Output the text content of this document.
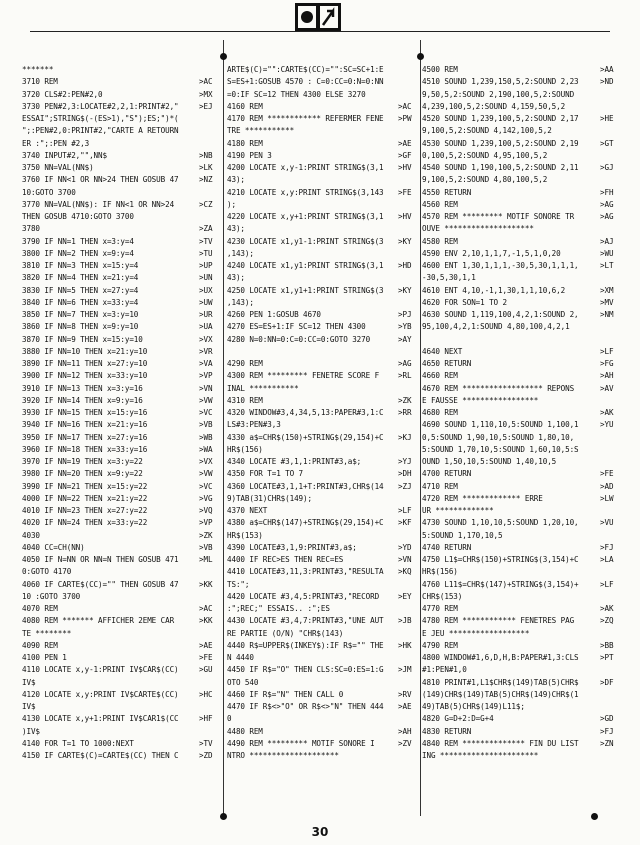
*******
3710 REM	>AC
3720 CLS#2:PEN#2,0	>MX
3730 PEN#2,3:LOCATE#2,2,1:PRINT#2,"	>EJ
ESSAI";STRING$(-(ES>1),"S");ES;")*(
";:PEN#2,0:PRINT#2,"CARTE A RETOURN
ER :";:PEN #2,3
3740 INPUT#2,"",NN$	>NB
3750 NN=VAL(NN$)	>LK
3760 IF NN<1 OR NN>24 THEN GOSUB 47	>NZ
10:GOTO 3700
3770 NN=VAL(NN$): IF NN<1 OR NN>24	>CZ
THEN GOSUB 4710:GOTO 3700
3780	>ZA
3790 IF NN=1 THEN x=3:y=4	>TV
3800 IF NN=2 THEN x=9:y=4	>TU
3810 IF NN=3 THEN x=15:y=4	>UP
3820 IF NN=4 THEN x=21:y=4	>UN
3830 IF NN=5 THEN x=27:y=4	>UX
3840 IF NN=6 THEN x=33:y=4	>UW
3850 IF NN=7 THEN x=3:y=10	>UR
3860 IF NN=8 THEN x=9:y=10	>UA
3870 IF NN=9 THEN x=15:y=10	>VX
3880 IF NN=10 THEN x=21:y=10	>VR
3890 IF NN=11 THEN x=27:y=10	>VA
3900 IF NN=12 THEN x=33:y=10	>VP
3910 IF NN=13 THEN x=3:y=16	>VN
3920 IF NN=14 THEN x=9:y=16	>VW
3930 IF NN=15 THEN x=15:y=16	>VC
3940 IF NN=16 THEN x=21:y=16	>VB
3950 IF NN=17 THEN x=27:y=16	>WB
3960 IF NN=18 THEN x=33:y=16	>WA
3970 IF NN=19 THEN x=3:y=22	>VX
3980 IF NN=20 THEN x=9:y=22	>VW
3990 IF NN=21 THEN x=15:y=22	>VC
4000 IF NN=22 THEN x=21:y=22	>VG
4010 IF NN=23 THEN x=27:y=22	>VQ
4020 IF NN=24 THEN x=33:y=22	>VP
4030	>ZK
4040 CC=CH(NN)	>VB
4050 IF N=NN OR NN=N THEN GOSUB 471	>ML
0:GOTO 4170
4060 IF CARTE$(CC)="" THEN GOSUB 47	>KK
10 :GOTO 3700
4070 REM	>AC
4080 REM ******* AFFICHER 2EME CAR	>KK
TE ********
4090 REM	>AE
4100 PEN 1	>FE
4110 LOCATE x,y-1:PRINT IV$CAR$(CC)	>GU
IV$
4120 LOCATE x,y:PRINT IV$CARTE$(CC)	>HC
IV$
4130 LOCATE x,y+1:PRINT IV$CAR1$(CC	>HF
)IV$
4140 FOR T=1 TO 1000:NEXT	>TV
4150 IF CARTE$(C)=CARTE$(CC) THEN C	>ZD
ARTE$(C)="":CARTE$(CC)="":SC=SC+1:E
S=ES+1:GOSUB 4570 : C=0:CC=0:N=0:NN
=0:IF SC=12 THEN 4300 ELSE 3270
4160 REM	>AC
4170 REM ************ REFERMER FENE	>PW
TRE ***********
4180 REM	>AE
4190 PEN 3	>GF
4200 LOCATE x,y-1:PRINT STRING$(3,1	>HV
43);
4210 LOCATE x,y:PRINT STRING$(3,143	>FE
);
4220 LOCATE x,y+1:PRINT STRING$(3,1	>HV
43);
4230 LOCATE x1,y1-1:PRINT STRING$(3	>KY
,143);
4240 LOCATE x1,y1:PRINT STRING$(3,1	>HD
43);
4250 LOCATE x1,y1+1:PRINT STRING$(3	>KY
,143);
4260 PEN 1:GOSUB 4670	>PJ
4270 ES=ES+1:IF SC=12 THEN 4300	>YB
4280 N=0:NN=0:C=0:CC=0:GOTO 3270	>AY
4290 REM	>AG
4300 REM ********* FENETRE SCORE F	>RL
INAL ***********
4310 REM	>ZK
4320 WINDOW#3,4,34,5,13:PAPER#3,1:C	>RR
LS#3:PEN#3,3
4330 a$=CHR$(150)+STRING$(29,154)+C	>KJ
HR$(156)
4340 LOCATE #3,1,1:PRINT#3,a$;	>YJ
4350 FOR T=1 TO 7	>DH
4360 LOCATE#3,1,1+T:PRINT#3,CHR$(14	>ZJ
9)TAB(31)CHR$(149);
4370 NEXT	>LF
4380 a$=CHR$(147)+STRING$(29,154)+C	>KF
HR$(153)
4390 LOCATE#3,1,9:PRINT#3,a$;	>YD
4400 IF REC>ES THEN REC=ES	>VN
4410 LOCATE#3,11,3:PRINT#3,"RESULTA	>KQ
TS:";
4420 LOCATE #3,4,5:PRINT#3,"RECORD	>EY
:";REC;" ESSAIS.. :";ES
4430 LOCATE #3,4,7:PRINT#3,"UNE AUT	>JB
RE PARTIE (O/N) "CHR$(143)
4440 R$=UPPER$(INKEY$):IF R$="" THE	>HK
N 4440
4450 IF R$="O" THEN CLS:SC=0:ES=1:G	>JM
OTO 540
4460 IF R$="N" THEN CALL 0	>RV
4470 IF R$<>"O" OR R$<>"N" THEN 444	>AE
0
4480 REM	>AH
4490 REM ********* MOTIF SONORE I	>ZV
NTRO ********************
4500 REM	>AA
4510 SOUND 1,239,150,5,2:SOUND 2,23	>ND
9,50,5,2:SOUND 2,190,100,5,2:SOUND
4,239,100,5,2:SOUND 4,159,50,5,2
4520 SOUND 1,239,100,5,2:SOUND 2,17	>HE
9,100,5,2:SOUND 4,142,100,5,2
4530 SOUND 1,239,100,5,2:SOUND 2,19	>GT
0,100,5,2:SOUND 4,95,100,5,2
4540 SOUND 1,190,100,5,2:SOUND 2,11	>GJ
9,100,5,2:SOUND 4,80,100,5,2
4550 RETURN	>FH
4560 REM	>AG
4570 REM ********* MOTIF SONORE TR	>AG
OUVE ********************
4580 REM	>AJ
4590 ENV 2,10,1,1,7,-1,5,1,0,20	>WU
4600 ENT 1,30,1,1,1,-30,5,30,1,1,1,	>LT
-30,5,30,1,1
4610 ENT 4,10,-1,1,30,1,1,10,6,2	>XM
4620 FOR SON=1 TO 2	>MV
4630 SOUND 1,119,100,4,2,1:SOUND 2,	>NM
95,100,4,2,1:SOUND 4,80,100,4,2,1
4640 NEXT	>LF
4650 RETURN	>FG
4660 REM	>AH
4670 REM ****************** REPONS	>AV
E FAUSSE *****************
4680 REM	>AK
4690 SOUND 1,110,10,5:SOUND 1,100,1	>YU
0,5:SOUND 1,90,10,5:SOUND 1,80,10,
5:SOUND 1,70,10,5:SOUND 1,60,10,5:S
OUND 1,50,10,5:SOUND 1,40,10,5
4700 RETURN	>FE
4710 REM	>AD
4720 REM ************* ERRE	>LW
UR *************
4730 SOUND 1,10,10,5:SOUND 1,20,10,	>VU
5:SOUND 1,170,10,5
4740 RETURN	>FJ
4750 L1$=CHR$(150)+STRING$(3,154)+C	>LA
HR$(156)
4760 L11$=CHR$(147)+STRING$(3,154)+	>LF
CHR$(153)
4770 REM	>AK
4780 REM ************ FENETRES PAG	>ZQ
E JEU ******************
4790 REM	>BB
4800 WINDOW#1,6,D,H,B:PAPER#1,3:CLS	>PT
#1:PEN#1,0
4810 PRINT#1,L1$CHR$(149)TAB(5)CHR$	>DF
(149)CHR$(149)TAB(5)CHR$(149)CHR$(1
49)TAB(5)CHR$(149)L11$;
4820 G=D+2:D=G+4	>GD
4830 RETURN	>FJ
4840 REM ************** FIN DU LIST	>ZN
ING **********************
30
